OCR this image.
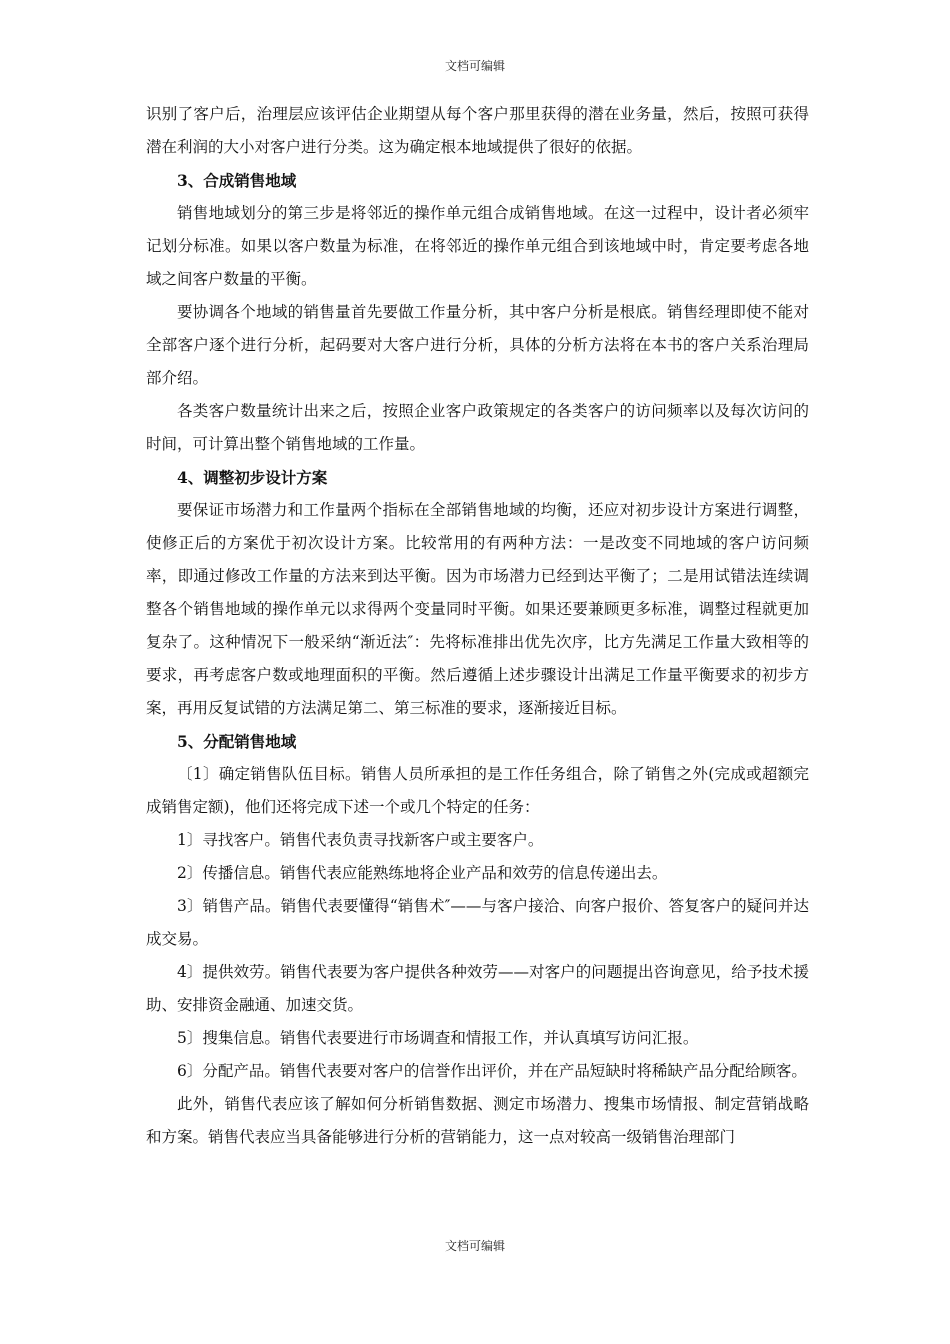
文档可编辑

识别了客户后，治理层应该评估企业期望从每个客户那里获得的潜在业务量，然后，按照可获得潜在利润的大小对客户进行分类。这为确定根本地域提供了很好的依据。

3、合成销售地域

销售地域划分的第三步是将邻近的操作单元组合成销售地域。在这一过程中，设计者必须牢记划分标准。如果以客户数量为标准，在将邻近的操作单元组合到该地域中时，肯定要考虑各地域之间客户数量的平衡。

要协调各个地域的销售量首先要做工作量分析，其中客户分析是根底。销售经理即使不能对全部客户逐个进行分析，起码要对大客户进行分析，具体的分析方法将在本书的客户关系治理局部介绍。

各类客户数量统计出来之后，按照企业客户政策规定的各类客户的访问频率以及每次访问的时间，可计算出整个销售地域的工作量。

4、调整初步设计方案

要保证市场潜力和工作量两个指标在全部销售地域的均衡，还应对初步设计方案进行调整，使修正后的方案优于初次设计方案。比较常用的有两种方法：一是改变不同地域的客户访问频率，即通过修改工作量的方法来到达平衡。因为市场潜力已经到达平衡了；二是用试错法连续调整各个销售地域的操作单元以求得两个变量同时平衡。如果还要兼顾更多标准，调整过程就更加复杂了。这种情况下一般采纳“渐近法″：先将标准排出优先次序，比方先满足工作量大致相等的要求，再考虑客户数或地理面积的平衡。然后遵循上述步骤设计出满足工作量平衡要求的初步方案，再用反复试错的方法满足第二、第三标准的要求，逐渐接近目标。

5、分配销售地域

〔1〕确定销售队伍目标。销售人员所承担的是工作任务组合，除了销售之外(完成或超额完成销售定额)，他们还将完成下述一个或几个特定的任务：

1〕寻找客户。销售代表负责寻找新客户或主要客户。

2〕传播信息。销售代表应能熟练地将企业产品和效劳的信息传递出去。

3〕销售产品。销售代表要懂得“销售术″——与客户接洽、向客户报价、答复客户的疑问并达成交易。

4〕提供效劳。销售代表要为客户提供各种效劳——对客户的问题提出咨询意见，给予技术援助、安排资金融通、加速交货。

5〕搜集信息。销售代表要进行市场调查和情报工作，并认真填写访问汇报。

6〕分配产品。销售代表要对客户的信誉作出评价，并在产品短缺时将稀缺产品分配给顾客。

此外，销售代表应该了解如何分析销售数据、测定市场潜力、搜集市场情报、制定营销战略和方案。销售代表应当具备能够进行分析的营销能力，这一点对较高一级销售治理部门

文档可编辑
